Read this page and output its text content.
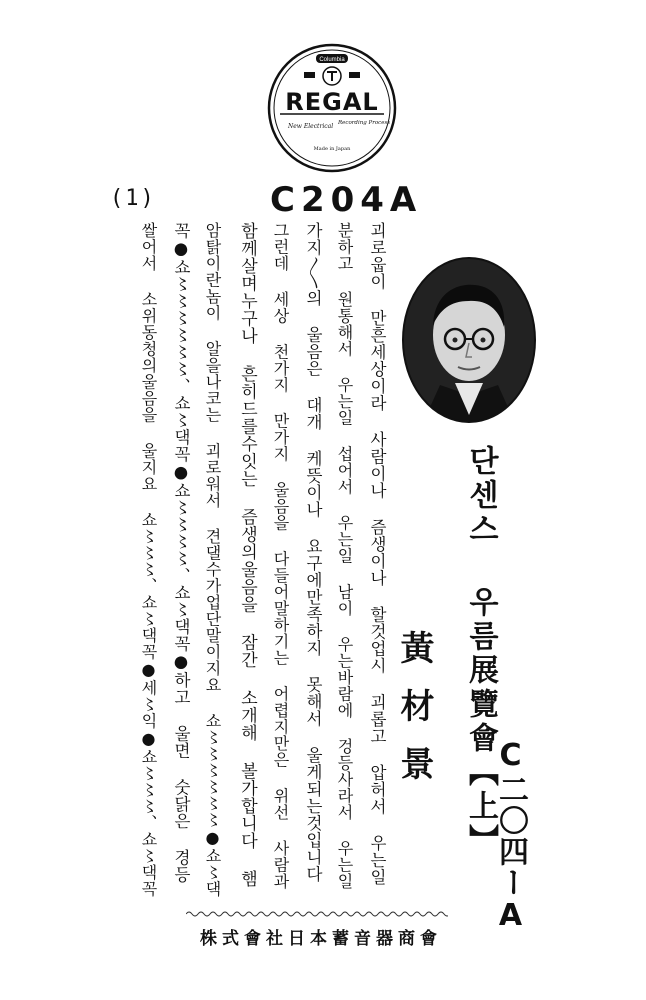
Columbia
REGAL
New Electrical Recording Process
Made in Japan
(1)	C204A
단센스 우름展覽會【上】
黃材景
C二〇四ーA
괴로웁이 만흔세상이라 사람이나 즘생이나 할것업시 괴롭고 압허서 우는일
분하고 원통해서 우는일 섭어서 우는일 남이 우는바람에 겅등사라서 우는일
가지〱의 울음은 대개 케뜻이나 요구에만족하지 못해서 울게되는것입니다
그런데 세상 천가지 만가지 울음을 다들어말하기는 어렵지만은 위선 사람과
함께살며누구나 흔히드를수잇는 즘생의울음을 잠간 소개해 볼가합니다 햄
암탉이란놈이 알을나코는 괴로워서 견댈수가업단말이지요 쇼〻〻〻〻〻〻●쇼〻댁
꼭●쇼〻〻〻〻〻〻、쇼〻댁꼭●쇼〻〻〻〻、쇼〻댁꼭●하고 울면 숫닭은 경등
쌀어서 소위동청의울음을 울지요 쇼〻〻〻、쇼〻댁꼭●세〻익●쇼〻〻〻、쇼〻댁꼭
株式會社日本蓄音器商會
